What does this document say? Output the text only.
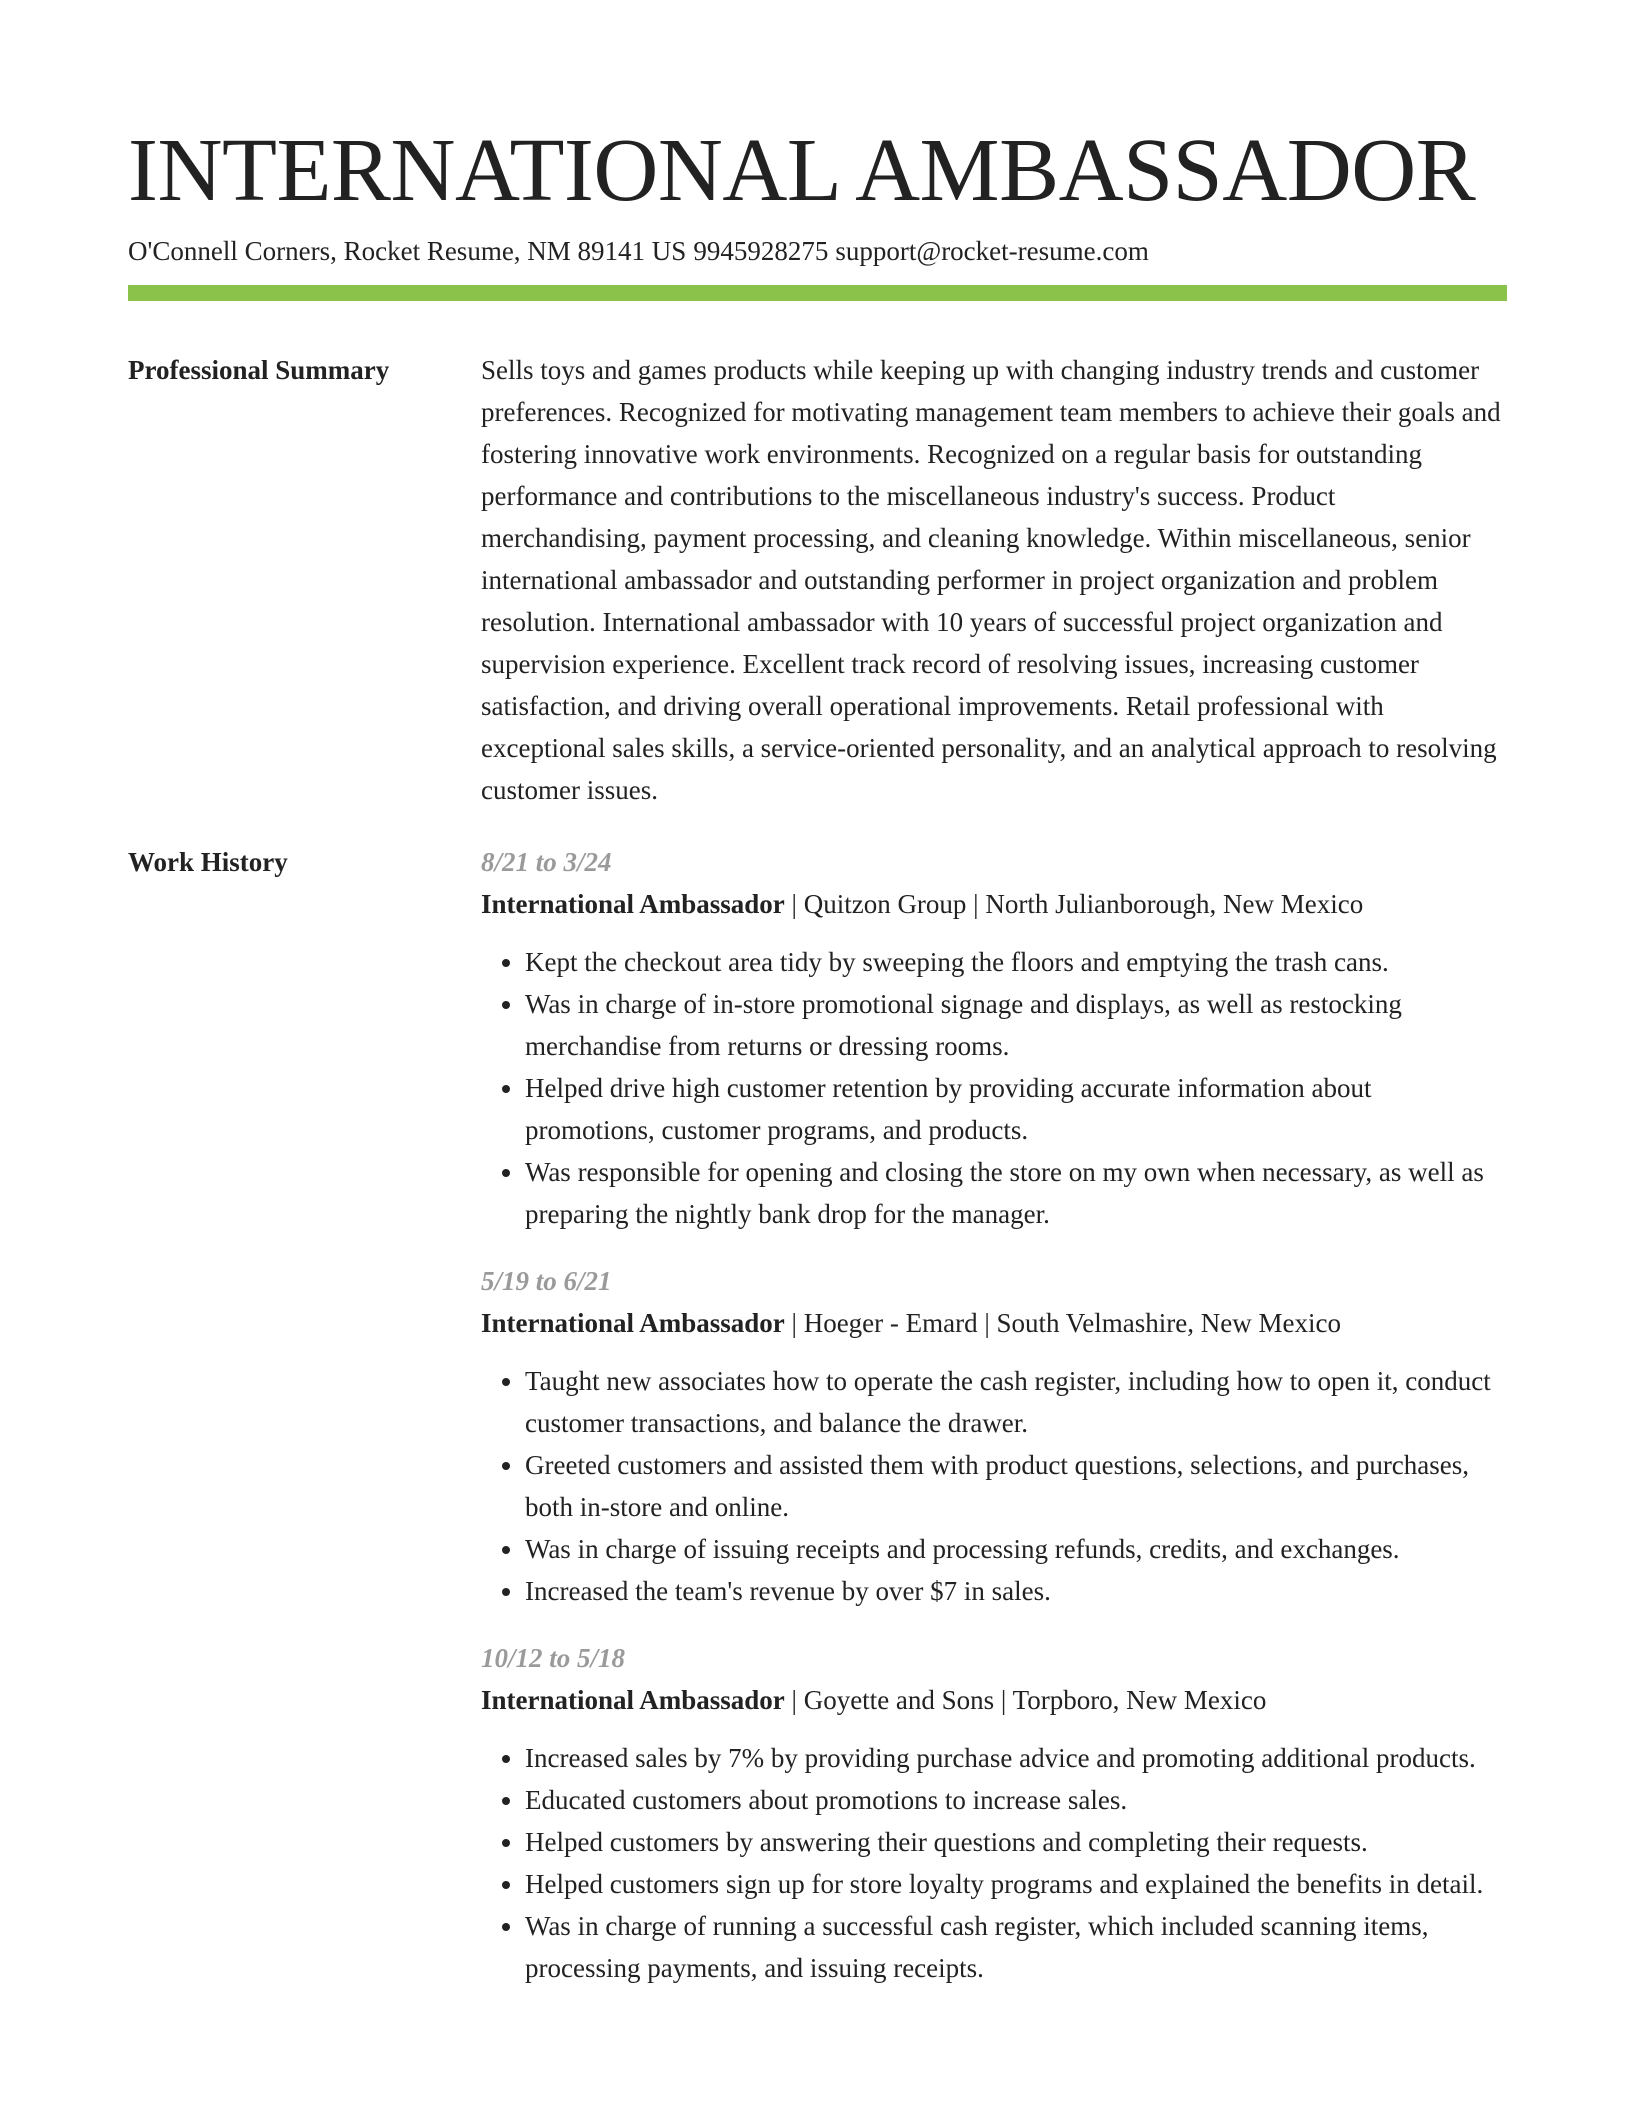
INTERNATIONAL AMBASSADOR
O'Connell Corners, Rocket Resume, NM 89141 US 9945928275 support@rocket-resume.com
Professional Summary	Sells toys and games products while keeping up with changing industry trends and customer preferences. Recognized for motivating management team members to achieve their goals and fostering innovative work environments. Recognized on a regular basis for outstanding performance and contributions to the miscellaneous industry's success. Product merchandising, payment processing, and cleaning knowledge. Within miscellaneous, senior international ambassador and outstanding performer in project organization and problem resolution. International ambassador with 10 years of successful project organization and supervision experience. Excellent track record of resolving issues, increasing customer satisfaction, and driving overall operational improvements. Retail professional with exceptional sales skills, a service-oriented personality, and an analytical approach to resolving customer issues.
Work History	8/21 to 3/24
International Ambassador | Quitzon Group | North Julianborough, New Mexico
• Kept the checkout area tidy by sweeping the floors and emptying the trash cans.
• Was in charge of in-store promotional signage and displays, as well as restocking merchandise from returns or dressing rooms.
• Helped drive high customer retention by providing accurate information about promotions, customer programs, and products.
• Was responsible for opening and closing the store on my own when necessary, as well as preparing the nightly bank drop for the manager.
5/19 to 6/21
International Ambassador | Hoeger - Emard | South Velmashire, New Mexico
• Taught new associates how to operate the cash register, including how to open it, conduct customer transactions, and balance the drawer.
• Greeted customers and assisted them with product questions, selections, and purchases, both in-store and online.
• Was in charge of issuing receipts and processing refunds, credits, and exchanges.
• Increased the team's revenue by over $7 in sales.
10/12 to 5/18
International Ambassador | Goyette and Sons | Torpboro, New Mexico
• Increased sales by 7% by providing purchase advice and promoting additional products.
• Educated customers about promotions to increase sales.
• Helped customers by answering their questions and completing their requests.
• Helped customers sign up for store loyalty programs and explained the benefits in detail.
• Was in charge of running a successful cash register, which included scanning items, processing payments, and issuing receipts.
